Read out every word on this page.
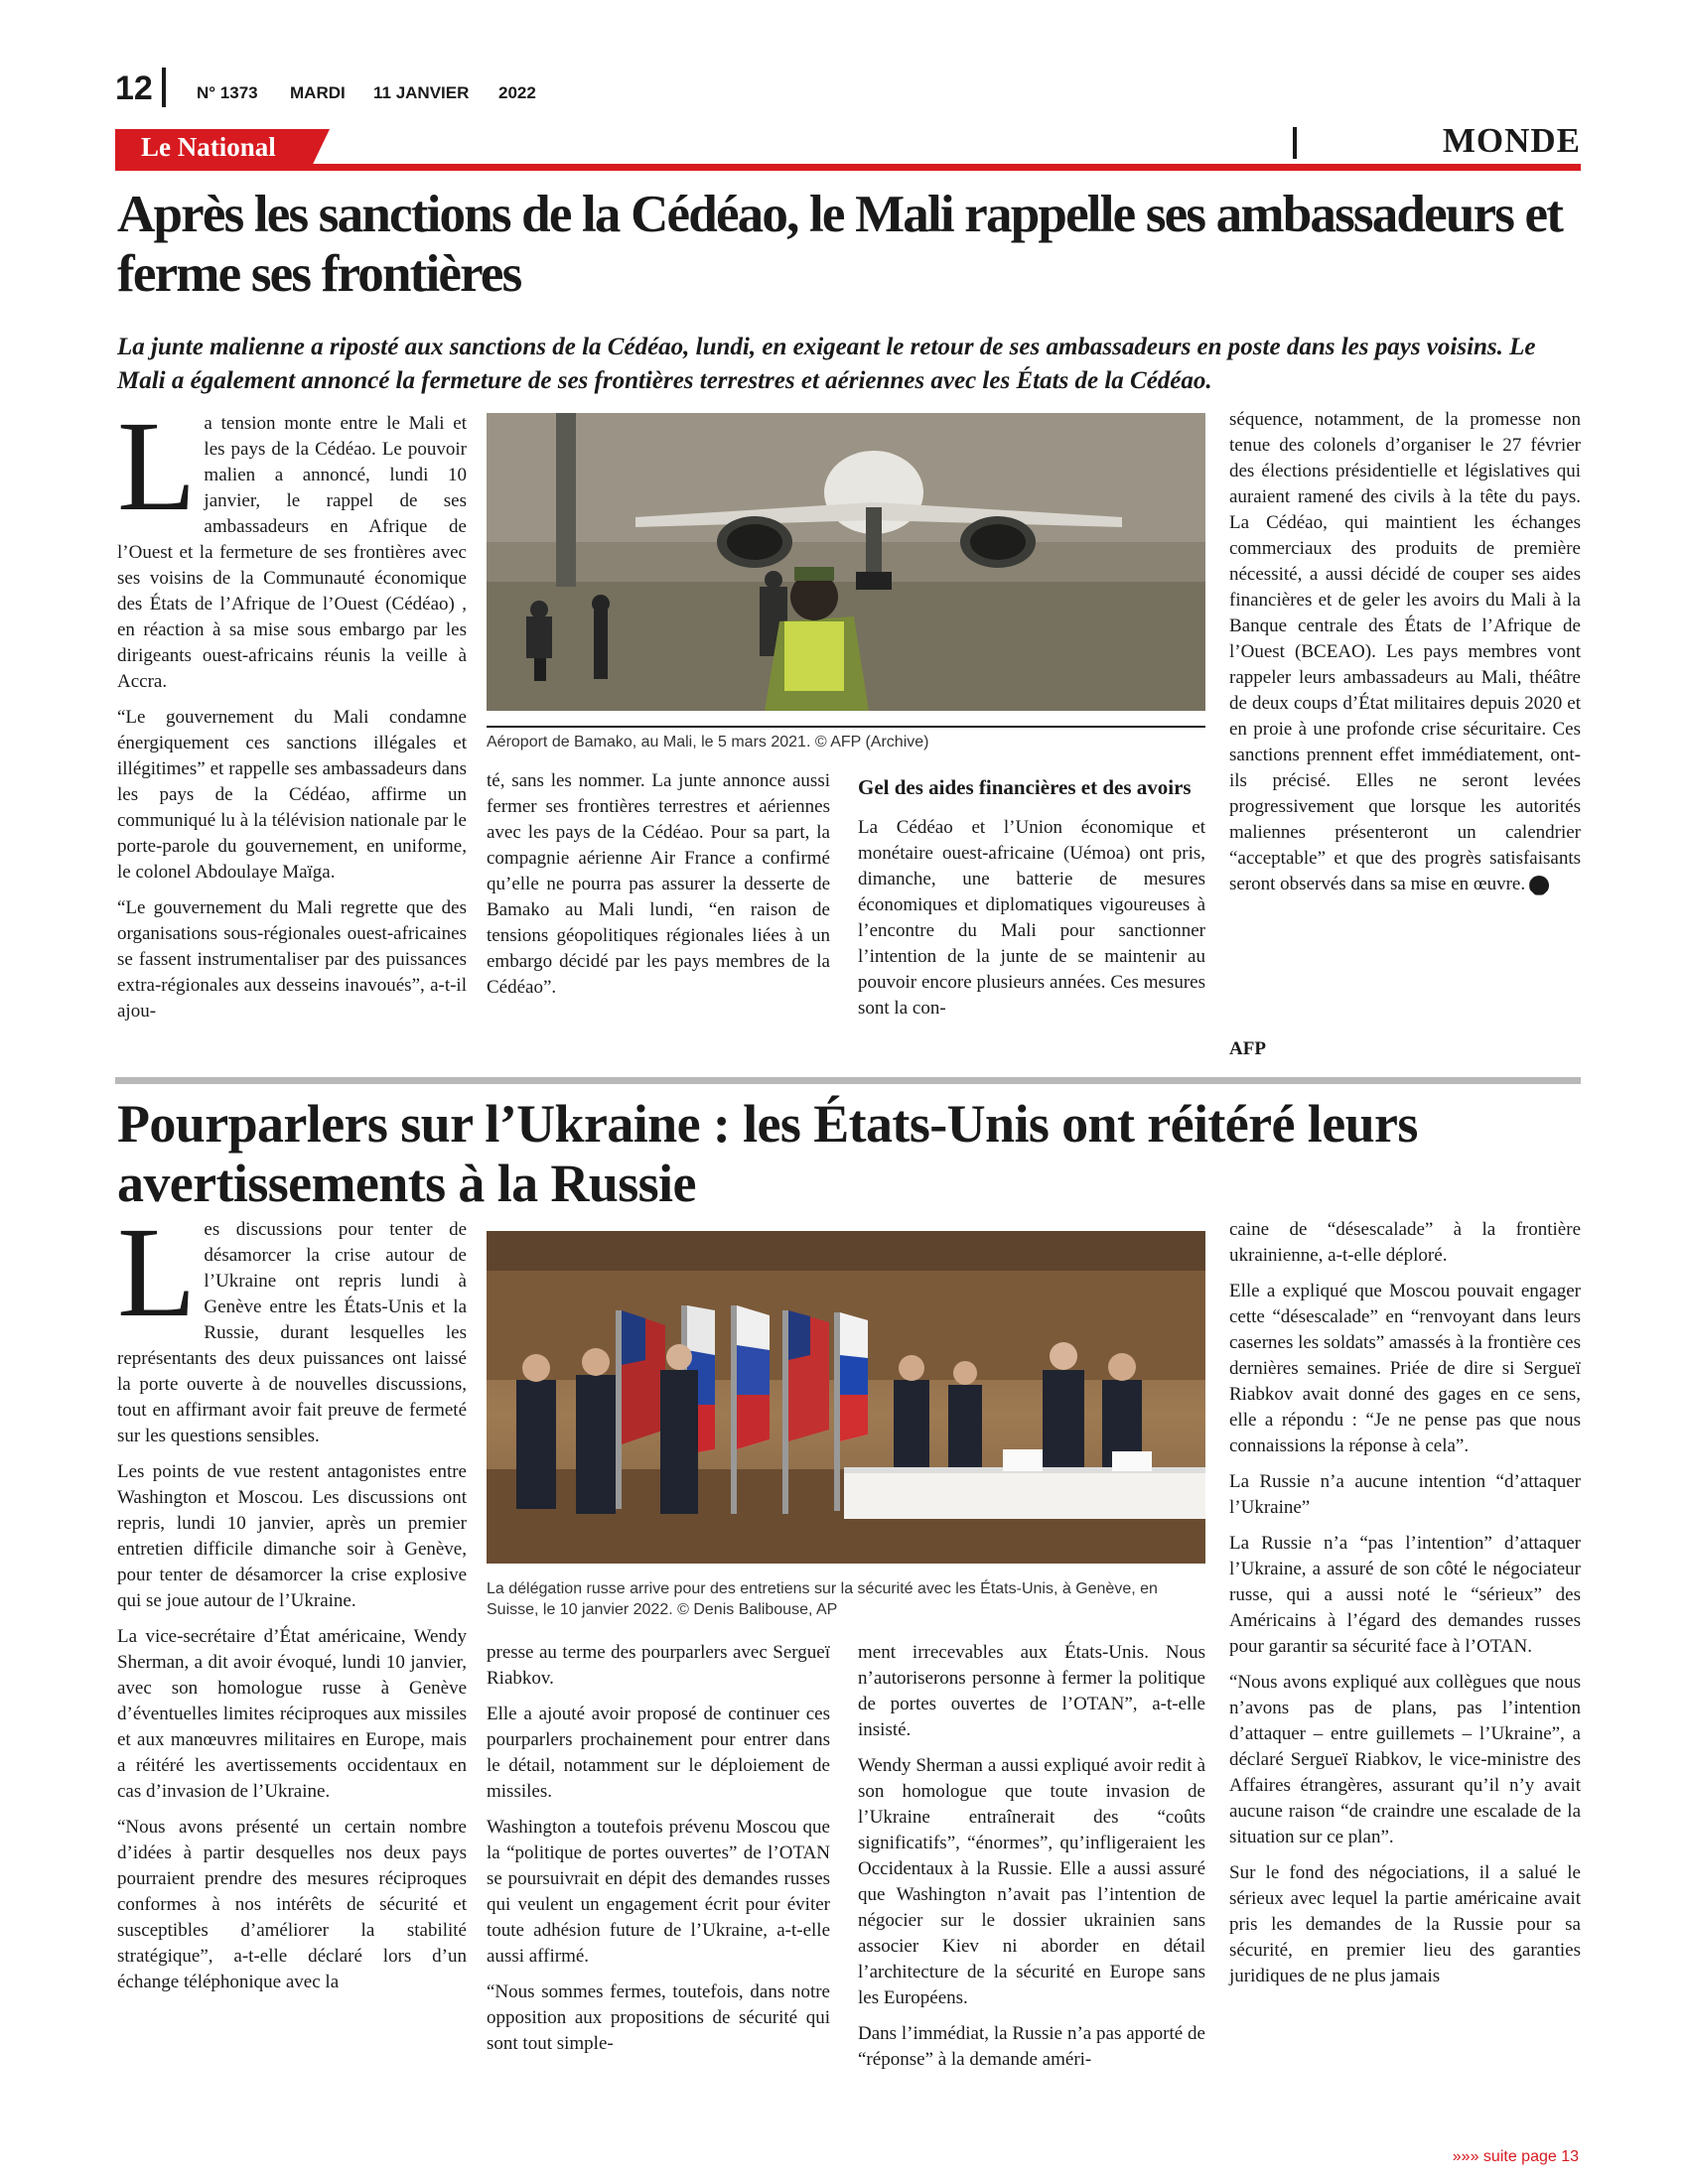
12	N° 1373 MARDI 11 JANVIER 2022
Le National	MONDE
Après les sanctions de la Cédéao, le Mali rappelle ses ambassadeurs et ferme ses frontières
La junte malienne a riposté aux sanctions de la Cédéao, lundi, en exigeant le retour de ses ambassadeurs en poste dans les pays voisins. Le Mali a également annoncé la fermeture de ses frontières terrestres et aériennes avec les États de la Cédéao.
L a tension monte entre le Mali et les pays de la Cédéao. Le pouvoir malien a annoncé, lundi 10 janvier, le rappel de ses ambassadeurs en Afrique de l’Ouest et la fermeture de ses frontières avec ses voisins de la Communauté économique des États de l’Afrique de l’Ouest (Cédéao) , en réaction à sa mise sous embargo par les dirigeants ouest-africains réunis la veille à Accra.

“Le gouvernement du Mali condamne énergiquement ces sanctions illégales et illégitimes” et rappelle ses ambassadeurs dans les pays de la Cédéao, affirme un communiqué lu à la télévision nationale par le porte-parole du gouvernement, en uniforme, le colonel Abdoulaye Maïga.

“Le gouvernement du Mali regrette que des organisations sous-régionales ouest-africaines se fassent instrumentaliser par des puissances extra-régionales aux desseins inavoués”, a-t-il ajou-

Aéroport de Bamako, au Mali, le 5 mars 2021. © AFP (Archive)

té, sans les nommer. La junte annonce aussi fermer ses frontières terrestres et aériennes avec les pays de la Cédéao. Pour sa part, la compagnie aérienne Air France a confirmé qu’elle ne pourra pas assurer la desserte de Bamako au Mali lundi, “en raison de tensions géopolitiques régionales liées à un embargo décidé par les pays membres de la Cédéao”.

Gel des aides financières et des avoirs

La Cédéao et l’Union économique et monétaire ouest-africaine (Uémoa) ont pris, dimanche, une batterie de mesures économiques et diplomatiques vigoureuses à l’encontre du Mali pour sanctionner l’intention de la junte de se maintenir au pouvoir encore plusieurs années. Ces mesures sont la con-

séquence, notamment, de la promesse non tenue des colonels d’organiser le 27 février des élections présidentielle et législatives qui auraient ramené des civils à la tête du pays. La Cédéao, qui maintient les échanges commerciaux des produits de première nécessité, a aussi décidé de couper ses aides financières et de geler les avoirs du Mali à la Banque centrale des États de l’Afrique de l’Ouest (BCEAO). Les pays membres vont rappeler leurs ambassadeurs au Mali, théâtre de deux coups d’État militaires depuis 2020 et en proie à une profonde crise sécuritaire. Ces sanctions prennent effet immédiatement, ont-ils précisé. Elles ne seront levées progressivement que lorsque les autorités maliennes présenteront un calendrier “acceptable” et que des progrès satisfaisants seront observés dans sa mise en œuvre.

AFP
Pourparlers sur l’Ukraine : les États-Unis ont réitéré leurs avertissements à la Russie
L es discussions pour tenter de désamorcer la crise autour de l’Ukraine ont repris lundi à Genève entre les États-Unis et la Russie, durant lesquelles les représentants des deux puissances ont laissé la porte ouverte à de nouvelles discussions, tout en affirmant avoir fait preuve de fermeté sur les questions sensibles.

Les points de vue restent antagonistes entre Washington et Moscou. Les discussions ont repris, lundi 10 janvier, après un premier entretien difficile dimanche soir à Genève, pour tenter de désamorcer la crise explosive qui se joue autour de l’Ukraine.

La vice-secrétaire d’État américaine, Wendy Sherman, a dit avoir évoqué, lundi 10 janvier, avec son homologue russe à Genève d’éventuelles limites réciproques aux missiles et aux manœuvres militaires en Europe, mais a réitéré les avertissements occidentaux en cas d’invasion de l’Ukraine.

“Nous avons présenté un certain nombre d’idées à partir desquelles nos deux pays pourraient prendre des mesures réciproques conformes à nos intérêts de sécurité et susceptibles d’améliorer la stabilité stratégique”, a-t-elle déclaré lors d’un échange téléphonique avec la

La délégation russe arrive pour des entretiens sur la sécurité avec les États-Unis, à Genève, en Suisse, le 10 janvier 2022. © Denis Balibouse, AP

presse au terme des pourparlers avec Sergueï Riabkov.

Elle a ajouté avoir proposé de continuer ces pourparlers prochainement pour entrer dans le détail, notamment sur le déploiement de missiles.

Washington a toutefois prévenu Moscou que la “politique de portes ouvertes” de l’OTAN se poursuivrait en dépit des demandes russes qui veulent un engagement écrit pour éviter toute adhésion future de l’Ukraine, a-t-elle aussi affirmé.

“Nous sommes fermes, toutefois, dans notre opposition aux propositions de sécurité qui sont tout simple-

ment irrecevables aux États-Unis. Nous n’autoriserons personne à fermer la politique de portes ouvertes de l’OTAN”, a-t-elle insisté.

Wendy Sherman a aussi expliqué avoir redit à son homologue que toute invasion de l’Ukraine entraînerait des “coûts significatifs”, “énormes”, qu’infligeraient les Occidentaux à la Russie. Elle a aussi assuré que Washington n’avait pas l’intention de négocier sur le dossier ukrainien sans associer Kiev ni aborder en détail l’architecture de la sécurité en Europe sans les Européens.

Dans l’immédiat, la Russie n’a pas apporté de “réponse” à la demande améri-

caine de “désescalade” à la frontière ukrainienne, a-t-elle déploré.

Elle a expliqué que Moscou pouvait engager cette “désescalade” en “renvoyant dans leurs casernes les soldats” amassés à la frontière ces dernières semaines. Priée de dire si Sergueï Riabkov avait donné des gages en ce sens, elle a répondu : “Je ne pense pas que nous connaissions la réponse à cela”.

La Russie n’a aucune intention “d’attaquer l’Ukraine”

La Russie n’a “pas l’intention” d’attaquer l’Ukraine, a assuré de son côté le négociateur russe, qui a aussi noté le “sérieux” des Américains à l’égard des demandes russes pour garantir sa sécurité face à l’OTAN.

“Nous avons expliqué aux collègues que nous n’avons pas de plans, pas l’intention d’attaquer – entre guillemets – l’Ukraine”, a déclaré Sergueï Riabkov, le vice-ministre des Affaires étrangères, assurant qu’il n’y avait aucune raison “de craindre une escalade de la situation sur ce plan”.

Sur le fond des négociations, il a salué le sérieux avec lequel la partie américaine avait pris les demandes de la Russie pour sa sécurité, en premier lieu des garanties juridiques de ne plus jamais

»»» suite page 13
